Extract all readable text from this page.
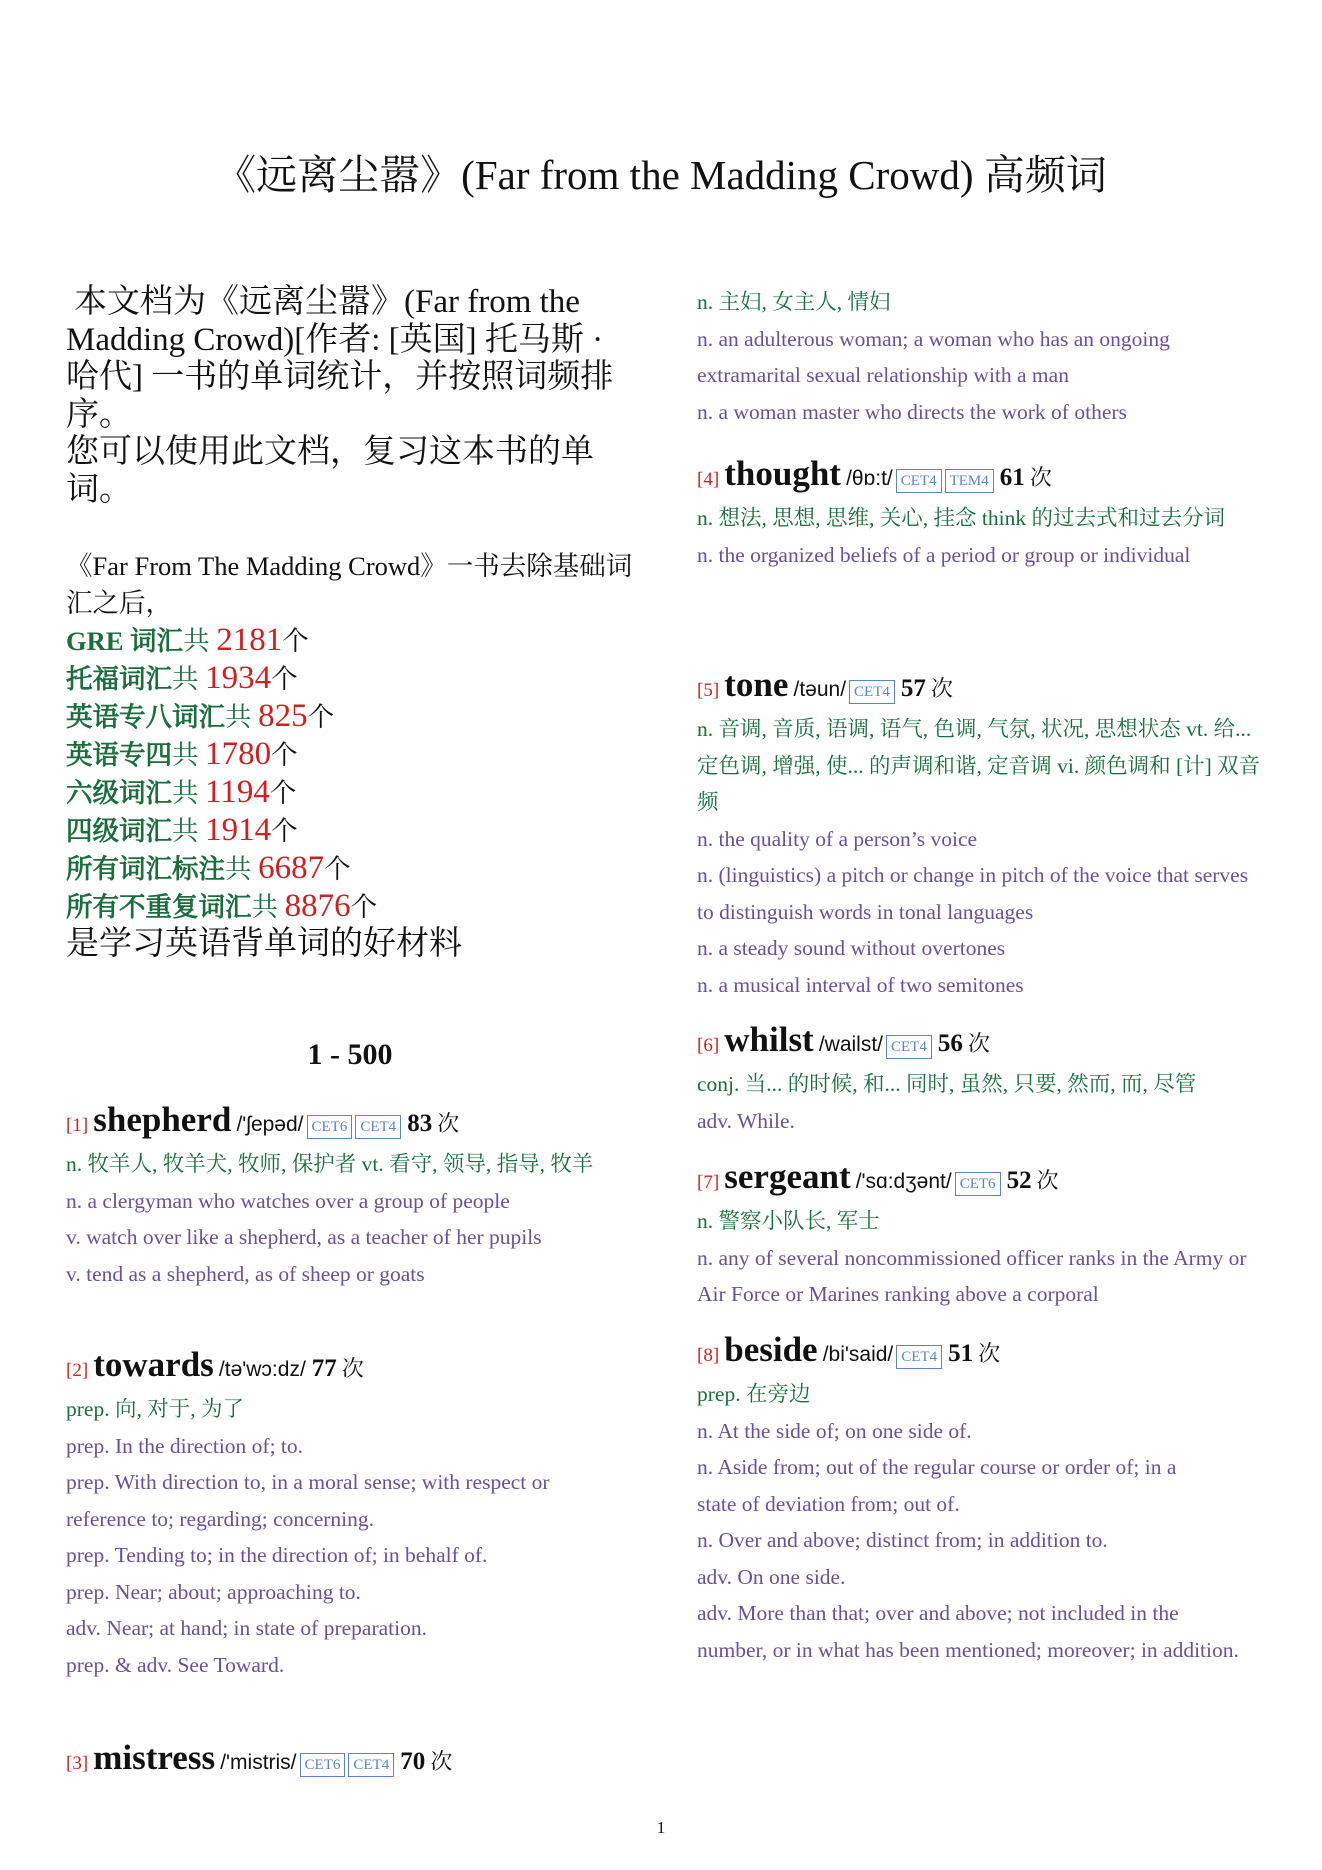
《远离尘嚣》(Far from the Madding Crowd) 高频词

本文档为《远离尘嚣》(Far from the Madding Crowd)[作者: [英国] 托马斯 · 哈代] 一书的单词统计，并按照词频排序。

您可以使用此文档，复习这本书的单词。

《Far From The Madding Crowd》一书去除基础词汇之后，
GRE 词汇共 2181个
托福词汇共 1934个
英语专八词汇共 825个
英语专四共 1780个
六级词汇共 1194个
四级词汇共 1914个
所有词汇标注共 6687个
所有不重复词汇共 8876个
是学习英语背单词的好材料
1 - 500
[1] shepherd /'ʃepəd/ CET6 CET4 83 次
n. 牧羊人, 牧羊犬, 牧师, 保护者 vt. 看守, 领导, 指导, 牧羊
n. a clergyman who watches over a group of people
v. watch over like a shepherd, as a teacher of her pupils
v. tend as a shepherd, as of sheep or goats
[2] towards /tə'wɔ:dz/ 77 次
prep. 向, 对于, 为了
prep. In the direction of; to.
prep. With direction to, in a moral sense; with respect or
reference to; regarding; concerning.
prep. Tending to; in the direction of; in behalf of.
prep. Near; about; approaching to.
adv. Near; at hand; in state of preparation.
prep. & adv. See Toward.
[3] mistress /'mistris/ CET6 CET4 70 次
n. 主妇, 女主人, 情妇
n. an adulterous woman; a woman who has an ongoing extramarital sexual relationship with a man
n. a woman master who directs the work of others
[4] thought /θɒ:t/ CET4 TEM4 61 次
n. 想法, 思想, 思维, 关心, 挂念 think 的过去式和过去分词
n. the organized beliefs of a period or group or individual
[5] tone /təun/ CET4 57 次
n. 音调, 音质, 语调, 语气, 色调, 气氛, 状况, 思想状态 vt. 给... 定色调, 增强, 使... 的声调和谐, 定音调 vi. 颜色调和 [计] 双音频
n. the quality of a person’s voice
n. (linguistics) a pitch or change in pitch of the voice that serves to distinguish words in tonal languages
n. a steady sound without overtones
n. a musical interval of two semitones
[6] whilst /wailst/ CET4 56 次
conj. 当... 的时候, 和... 同时, 虽然, 只要, 然而, 而, 尽管
adv. While.
[7] sergeant /'sɑ:dʒənt/ CET6 52 次
n. 警察小队长, 军士
n. any of several noncommissioned officer ranks in the Army or Air Force or Marines ranking above a corporal
[8] beside /bi'said/ CET4 51 次
prep. 在旁边
n. At the side of; on one side of.
n. Aside from; out of the regular course or order of; in a
state of deviation from; out of.
n. Over and above; distinct from; in addition to.
adv. On one side.
adv. More than that; over and above; not included in the
number, or in what has been mentioned; moreover; in addition.
1
